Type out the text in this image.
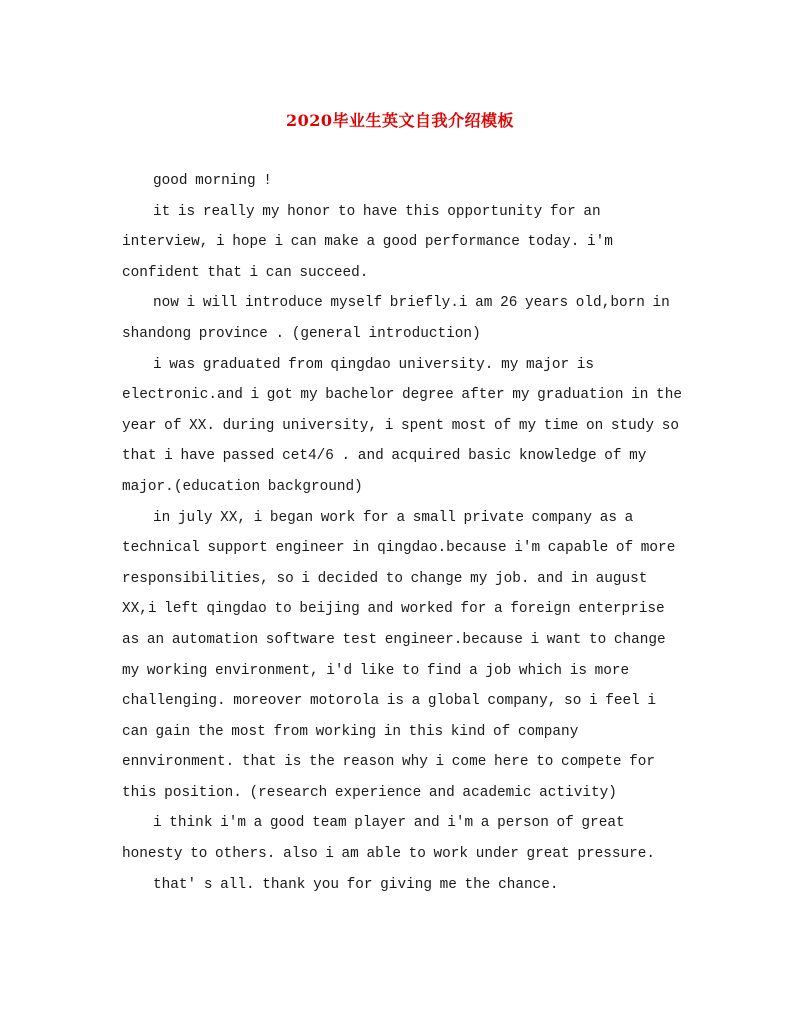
2020毕业生英文自我介绍模板

good morning !

it is really my honor to have this opportunity for an interview, i hope i can make a good performance today. i'm confident that i can succeed.

now i will introduce myself briefly.i am 26 years old,born in shandong province . (general introduction)

i was graduated from qingdao university. my major is electronic.and i got my bachelor degree after my graduation in the year of XX. during university, i spent most of my time on study so that i have passed cet4/6 . and acquired basic knowledge of my major.(education background)

in july XX, i began work for a small private company as a technical support engineer in qingdao.because i'm capable of more responsibilities, so i decided to change my job. and in august XX,i left qingdao to beijing and worked for a foreign enterprise as an automation software test engineer.because i want to change my working environment, i'd like to find a job which is more challenging. moreover motorola is a global company, so i feel i can gain the most from working in this kind of company ennvironment. that is the reason why i come here to compete for this position. (research experience and academic activity)

i think i'm a good team player and i'm a person of great honesty to others. also i am able to work under great pressure.

that' s all. thank you for giving me the chance.
